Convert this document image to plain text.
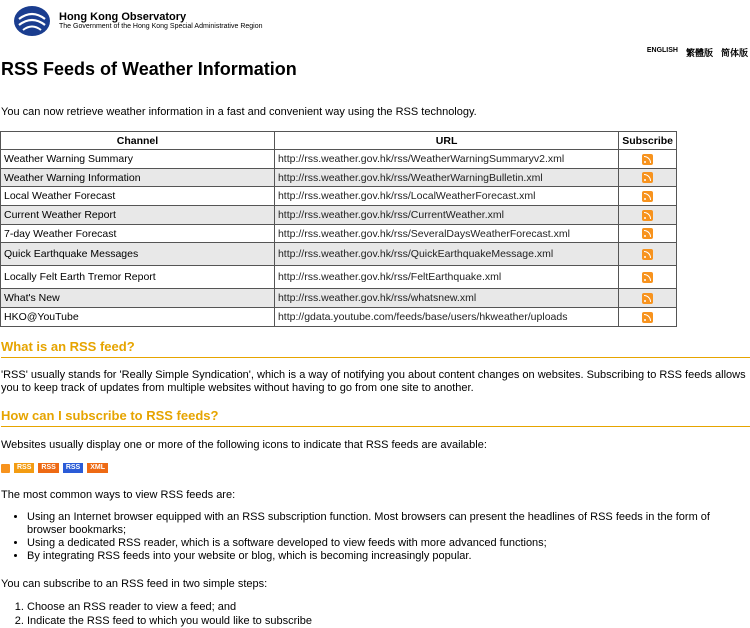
Hong Kong Observatory
The Government of the Hong Kong Special Administrative Region
ENGLISH 繁體版 简体版
RSS Feeds of Weather Information
You can now retrieve weather information in a fast and convenient way using the RSS technology.
Channel	URL	Subscribe
Weather Warning Summary	http://rss.weather.gov.hk/rss/WeatherWarningSummaryv2.xml	
Weather Warning Information	http://rss.weather.gov.hk/rss/WeatherWarningBulletin.xml	
Local Weather Forecast	http://rss.weather.gov.hk/rss/LocalWeatherForecast.xml	
Current Weather Report	http://rss.weather.gov.hk/rss/CurrentWeather.xml	
7-day Weather Forecast	http://rss.weather.gov.hk/rss/SeveralDaysWeatherForecast.xml	
Quick Earthquake Messages	http://rss.weather.gov.hk/rss/QuickEarthquakeMessage.xml	
Locally Felt Earth Tremor Report	http://rss.weather.gov.hk/rss/FeltEarthquake.xml	
What's New	http://rss.weather.gov.hk/rss/whatsnew.xml	
HKO@YouTube	http://gdata.youtube.com/feeds/base/users/hkweather/uploads	
What is an RSS feed?
'RSS' usually stands for 'Really Simple Syndication', which is a way of notifying you about content changes on websites. Subscribing to RSS feeds allows you to keep track of updates from multiple websites without having to go from one site to another.
How can I subscribe to RSS feeds?
Websites usually display one or more of the following icons to indicate that RSS feeds are available:
RSS	RSS	RSS	XML
The most common ways to view RSS feeds are:
• Using an Internet browser equipped with an RSS subscription function. Most browsers can present the headlines of RSS feeds in the form of browser bookmarks;
• Using a dedicated RSS reader, which is a software developed to view feeds with more advanced functions;
• By integrating RSS feeds into your website or blog, which is becoming increasingly popular.
You can subscribe to an RSS feed in two simple steps:
1. Choose an RSS reader to view a feed; and
2. Indicate the RSS feed to which you would like to subscribe
